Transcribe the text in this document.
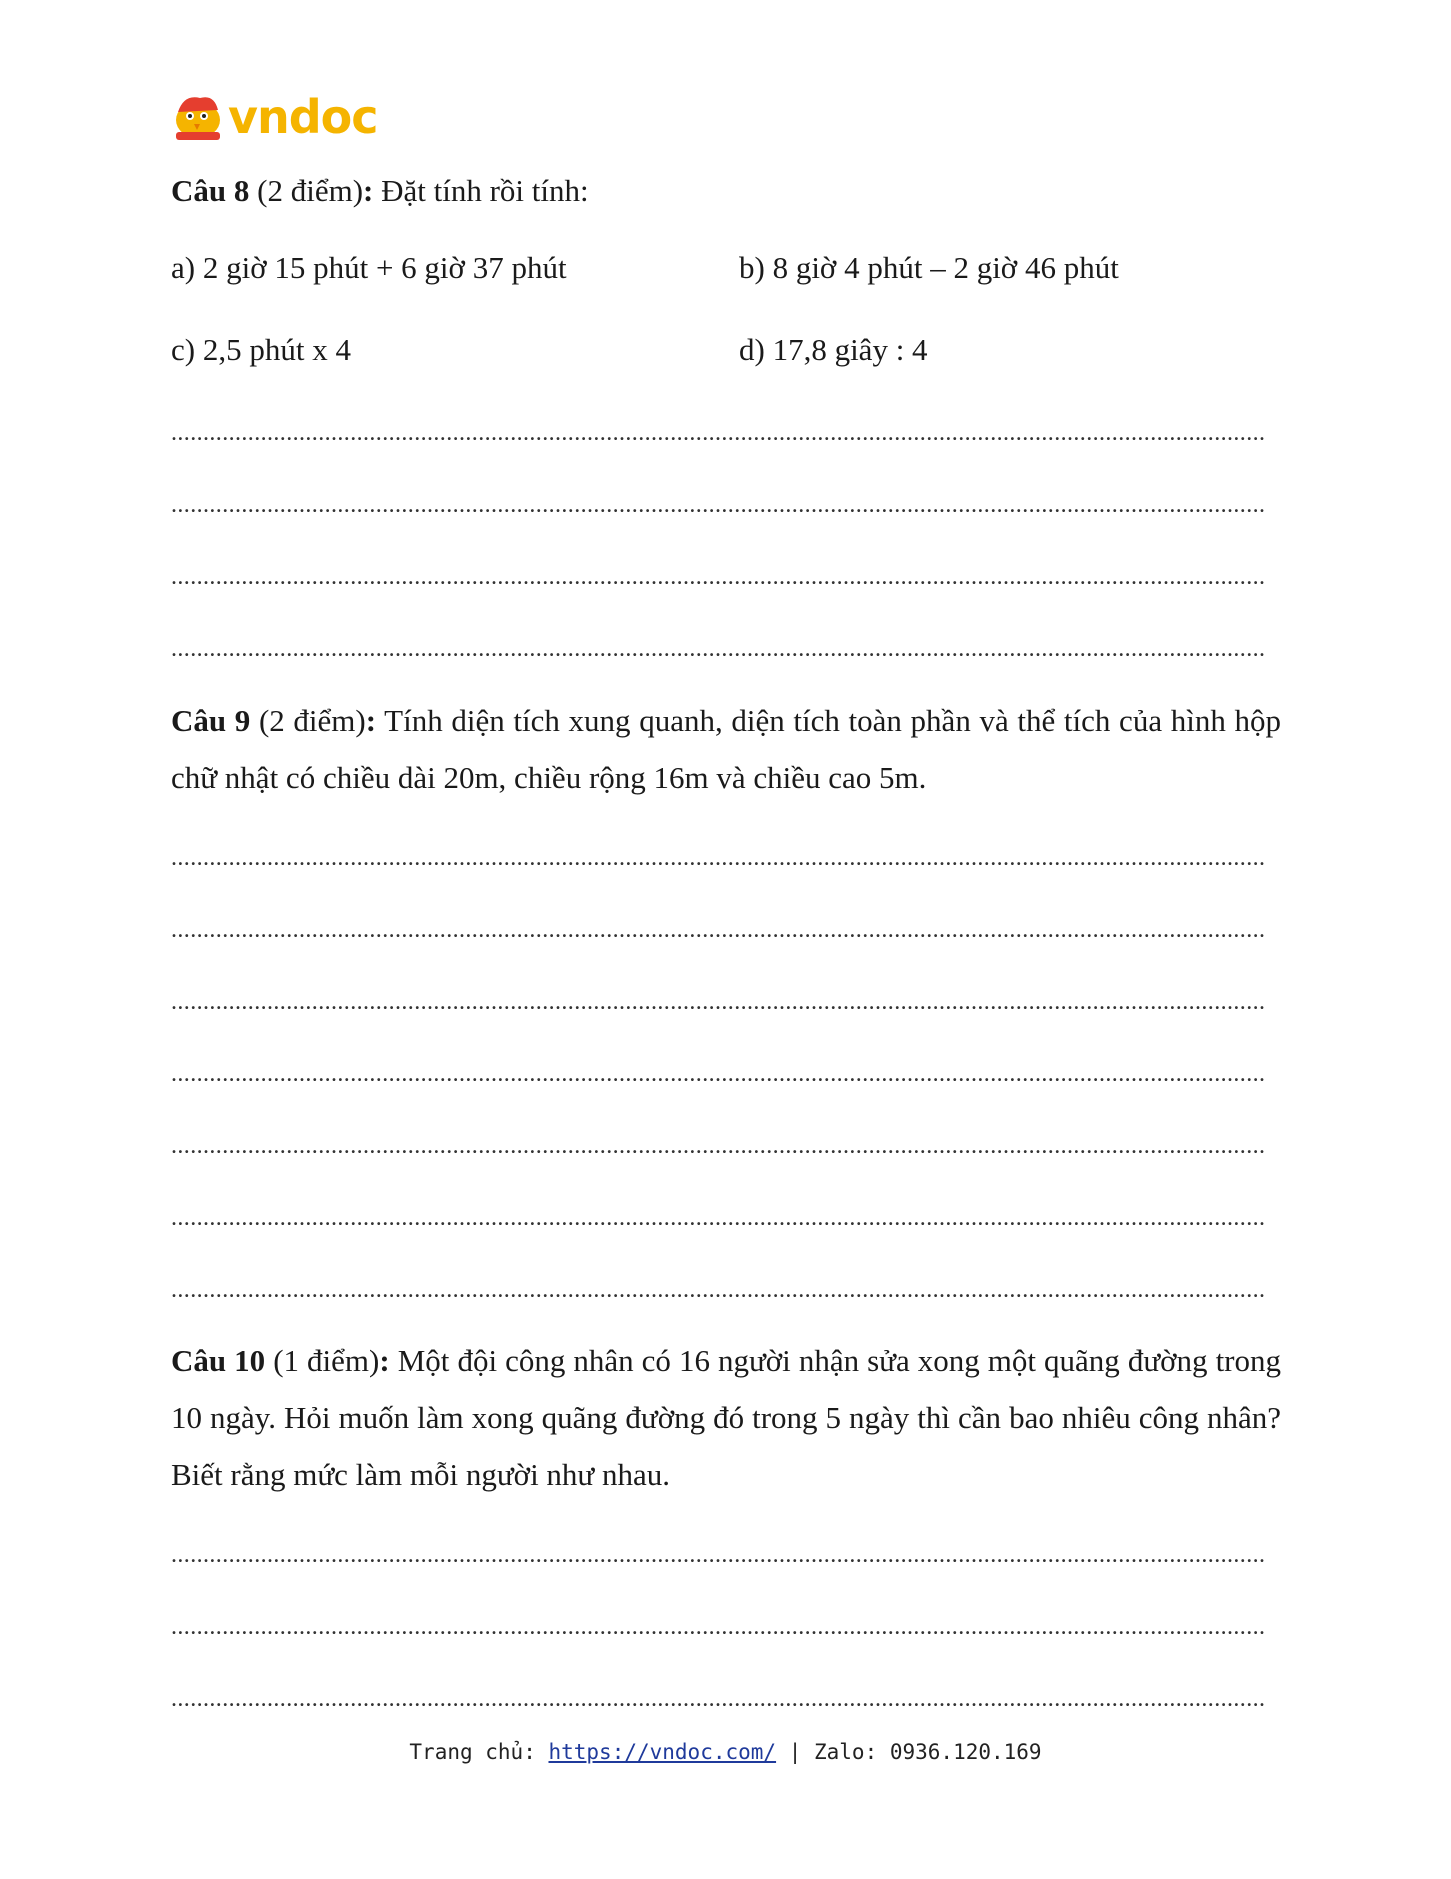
vndoc
Câu 8 (2 điểm): Đặt tính rồi tính:
a) 2 giờ 15 phút + 6 giờ 37 phút	b) 8 giờ 4 phút – 2 giờ 46 phút
c) 2,5 phút x 4	d) 17,8 giây : 4
.....
.....
.....
.....
Câu 9 (2 điểm): Tính diện tích xung quanh, diện tích toàn phần và thể tích của hình hộp chữ nhật có chiều dài 20m, chiều rộng 16m và chiều cao 5m.
.....
.....
.....
.....
.....
.....
.....
Câu 10 (1 điểm): Một đội công nhân có 16 người nhận sửa xong một quãng đường trong 10 ngày. Hỏi muốn làm xong quãng đường đó trong 5 ngày thì cần bao nhiêu công nhân? Biết rằng mức làm mỗi người như nhau.
.....
.....
.....
Trang chủ: https://vndoc.com/ | Zalo: 0936.120.169
